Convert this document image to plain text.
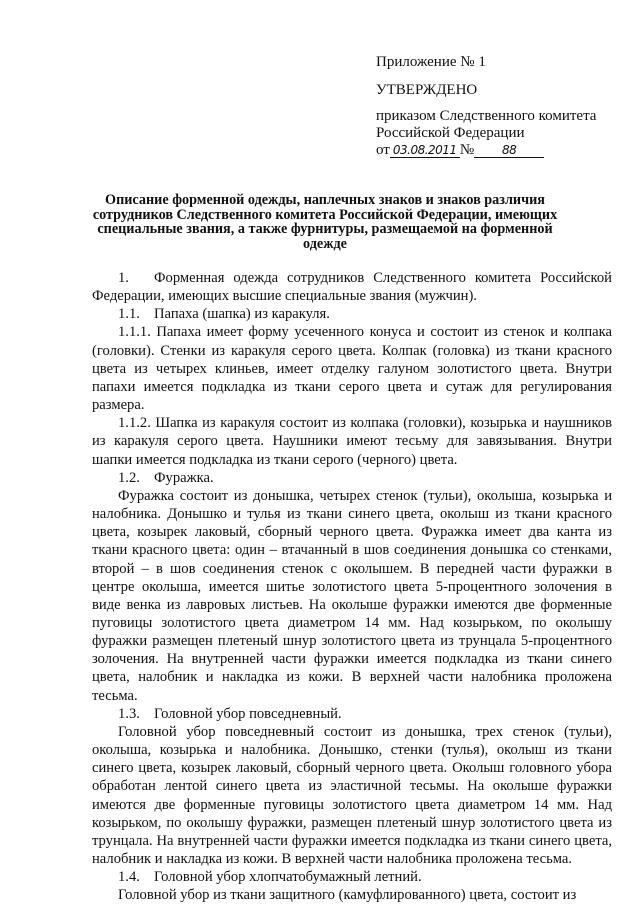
Приложение № 1
УТВЕРЖДЕНО
приказом Следственного комитета
Российской Федерации
от 03.08.2011 № 88
Описание форменной одежды, наплечных знаков и знаков различия сотрудников Следственного комитета Российской Федерации, имеющих специальные звания, а также фурнитуры, размещаемой на форменной одежде

1. Форменная одежда сотрудников Следственного комитета Российской Федерации, имеющих высшие специальные звания (мужчин).

1.1. Папаха (шапка) из каракуля.

1.1.1. Папаха имеет форму усеченного конуса и состоит из стенок и колпака (головки). Стенки из каракуля серого цвета. Колпак (головка) из ткани красного цвета из четырех клиньев, имеет отделку галуном золотистого цвета. Внутри папахи имеется подкладка из ткани серого цвета и сутаж для регулирования размера.

1.1.2. Шапка из каракуля состоит из колпака (головки), козырька и наушников из каракуля серого цвета. Наушники имеют тесьму для завязывания. Внутри шапки имеется подкладка из ткани серого (черного) цвета.

1.2. Фуражка.

Фуражка состоит из донышка, четырех стенок (тульи), околыша, козырька и налобника. Донышко и тулья из ткани синего цвета, околыш из ткани красного цвета, козырек лаковый, сборный черного цвета. Фуражка имеет два канта из ткани красного цвета: один – втачанный в шов соединения донышка со стенками, второй – в шов соединения стенок с околышем. В передней части фуражки в центре околыша, имеется шитье золотистого цвета 5-процентного золочения в виде венка из лавровых листьев. На околыше фуражки имеются две форменные пуговицы золотистого цвета диаметром 14 мм. Над козырьком, по околышу фуражки размещен плетеный шнур золотистого цвета из трунцала 5-процентного золочения. На внутренней части фуражки имеется подкладка из ткани синего цвета, налобник и накладка из кожи. В верхней части налобника проложена тесьма.

1.3. Головной убор повседневный.

Головной убор повседневный состоит из донышка, трех стенок (тульи), околыша, козырька и налобника. Донышко, стенки (тулья), околыш из ткани синего цвета, козырек лаковый, сборный черного цвета. Околыш головного убора обработан лентой синего цвета из эластичной тесьмы. На околыше фуражки имеются две форменные пуговицы золотистого цвета диаметром 14 мм. Над козырьком, по околышу фуражки, размещен плетеный шнур золотистого цвета из трунцала. На внутренней части фуражки имеется подкладка из ткани синего цвета, налобник и накладка из кожи. В верхней части налобника проложена тесьма.

1.4. Головной убор хлопчатобумажный летний.

Головной убор из ткани защитного (камуфлированного) цвета, состоит из
